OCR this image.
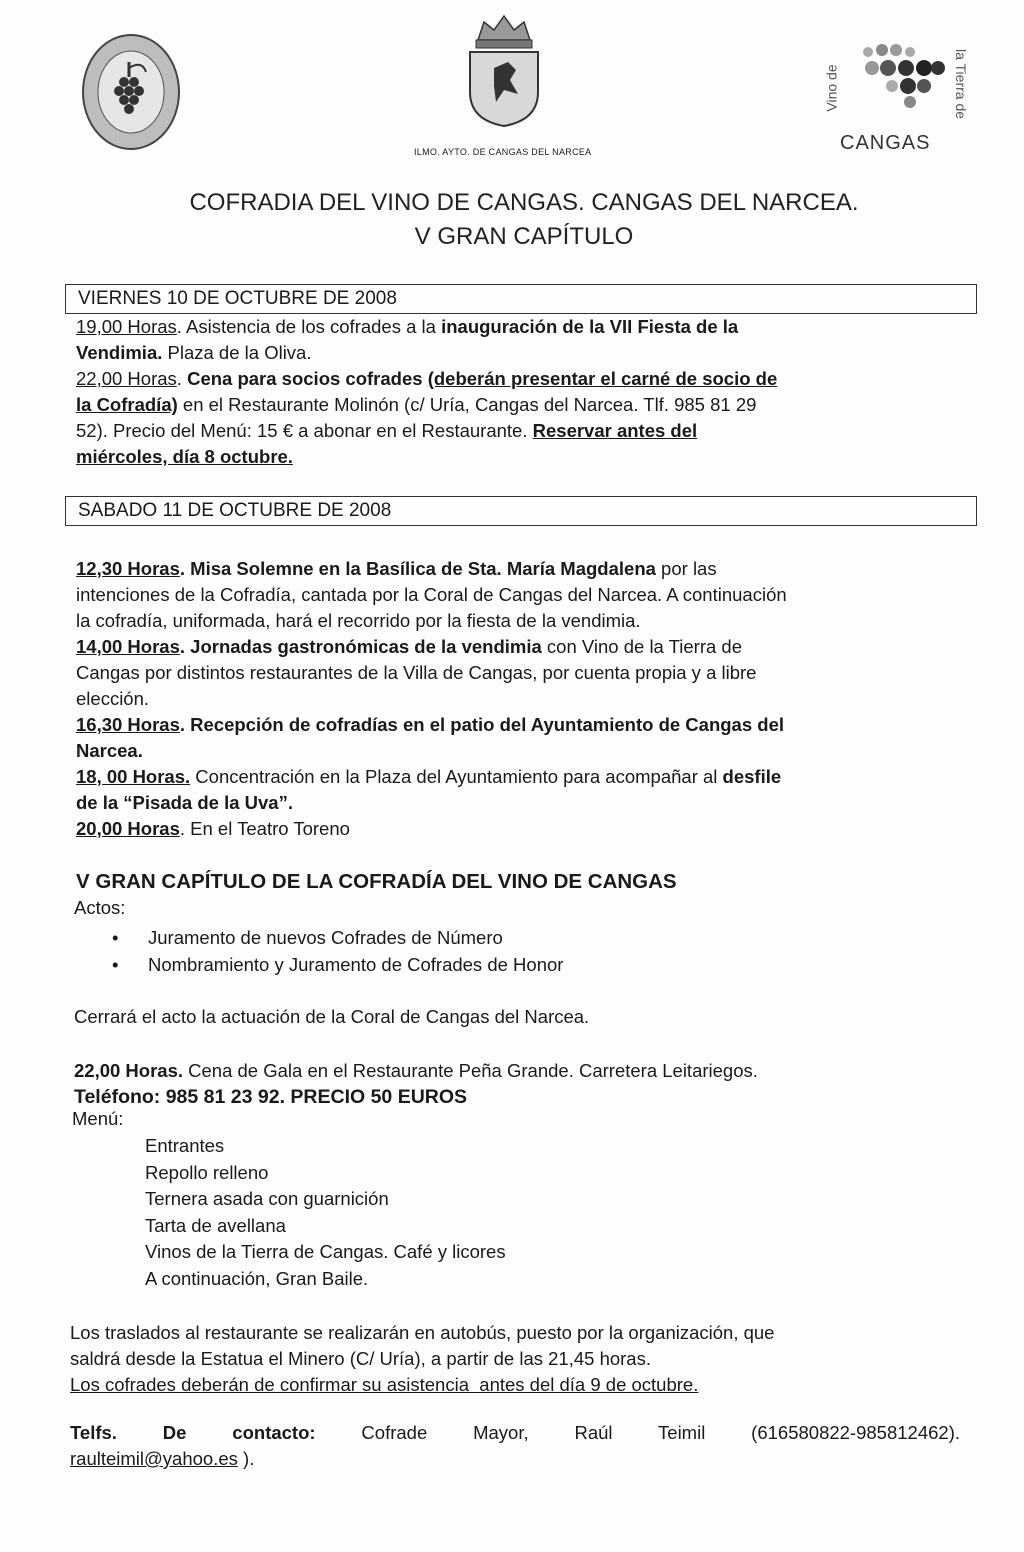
ILMO. AYTO. DE CANGAS DEL NARCEA
Vino de	la Tierra de
CANGAS
COFRADIA DEL VINO DE CANGAS. CANGAS DEL NARCEA.
V GRAN CAPÍTULO
VIERNES 10 DE OCTUBRE DE 2008
19,00 Horas. Asistencia de los cofrades a la inauguración de la VII Fiesta de la
Vendimia. Plaza de la Oliva.
22,00 Horas. Cena para socios cofrades (deberán presentar el carné de socio de
la Cofradía) en el Restaurante Molinón (c/ Uría, Cangas del Narcea. Tlf. 985 81 29
52). Precio del Menú: 15 € a abonar en el Restaurante. Reservar antes del
miércoles, día 8 octubre.
SABADO 11 DE OCTUBRE DE 2008
12,30 Horas. Misa Solemne en la Basílica de Sta. María Magdalena por las
intenciones de la Cofradía, cantada por la Coral de Cangas del Narcea. A continuación
la cofradía, uniformada, hará el recorrido por la fiesta de la vendimia.
14,00 Horas. Jornadas gastronómicas de la vendimia con Vino de la Tierra de
Cangas por distintos restaurantes de la Villa de Cangas, por cuenta propia y a libre
elección.
16,30 Horas. Recepción de cofradías en el patio del Ayuntamiento de Cangas del
Narcea.
18, 00 Horas. Concentración en la Plaza del Ayuntamiento para acompañar al desfile
de la “Pisada de la Uva”.
20,00 Horas. En el Teatro Toreno
V GRAN CAPÍTULO DE LA COFRADÍA DEL VINO DE CANGAS
Actos:
• Juramento de nuevos Cofrades de Número
• Nombramiento y Juramento de Cofrades de Honor
Cerrará el acto la actuación de la Coral de Cangas del Narcea.
22,00 Horas. Cena de Gala en el Restaurante Peña Grande. Carretera Leitariegos.
Teléfono: 985 81 23 92. PRECIO 50 EUROS
Menú:
Entrantes
Repollo relleno
Ternera asada con guarnición
Tarta de avellana
Vinos de la Tierra de Cangas. Café y licores
A continuación, Gran Baile.
Los traslados al restaurante se realizarán en autobús, puesto por la organización, que
saldrá desde la Estatua el Minero (C/ Uría), a partir de las 21,45 horas.
Los cofrades deberán de confirmar su asistencia  antes del día 9 de octubre.
Telfs. De contacto: Cofrade Mayor, Raúl Teimil (616580822-985812462).
raulteimil@yahoo.es ).
